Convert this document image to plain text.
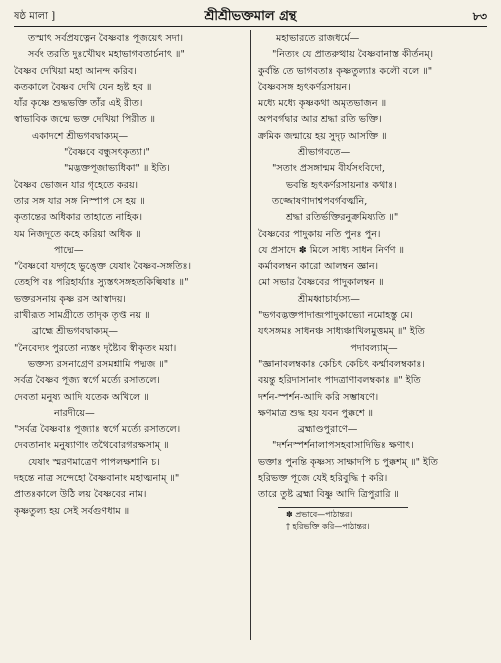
ষষ্ঠ মালা ]	শ্রীশ্রীভক্তমাল গ্রন্থ	৮৩
তস্মাৎ সর্বপ্রযত্নেন বৈষ্ণবাঃ পূজয়েৎ সদা।
সর্বং তরতি দুঃখৌঘং মহাভাগবতার্চনাৎ ॥"
বৈষ্ণব দেখিয়া মহা আনন্দ করিব।
কতকালে বৈষ্ণব দেখি যেন হৃষ্ট হব ॥
যাঁর কৃষ্ণে শুদ্ধভক্তি তাঁর এই রীত।
স্বাভাবিক জন্মে ভক্ত দেখিয়া পিরীত ॥
একাদশে শ্রীভগবদ্বাক্যম্—
"বৈষ্ণবে বন্ধুসৎকৃত্যা।"
"মদ্ভক্তপূজাভ্যধিকা" ॥ ইতি।
বৈষ্ণব ভোজন যার গৃহেতে করয়।
তার সঙ্গ যার সঙ্গ নিস্পাপ সে হয় ॥
কৃতান্তের অধিকার তাহাতে নাহিক।
যম নিজদূতে কহে করিয়া অধিক ॥
পাদ্মে—
"বৈষ্ণবো যদ্গৃহে ভুঙ্ক্তে যেষাং বৈষ্ণব-সঙ্গতিঃ।
তেহপি বঃ পরিহার্য্যাঃ স্যুস্তৎসঙ্গহতকিল্বিষাঃ ॥"
ভক্তরসনায় কৃষ্ণ রস আস্বাদয়।
রাখীরূত সামগ্রীতে তাদৃক তৃপ্ত নয় ॥
ব্রাহ্মে শ্রীভগবদ্বাক্যম্—
"নৈবেদ্যং পুরতো ন্যস্তং দৃষ্ট্যৈব স্বীকৃতং ময়া।
ভক্তস্য রসনাগ্রেণ রসমশ্নামি পদ্মজ ॥"
সর্বত্র বৈষ্ণব পূজ্য স্বর্গে মর্ত্যে রসাতলে।
দেবতা মনুষ্য আদি যতেক অখিলে ॥
নারদীয়ে—
"সর্বত্র বৈষ্ণবাঃ পূজ্যাঃ স্বর্গে মর্ত্যে রসাতলে।
দেবতানাং মনুষ্যাণাং তথৈবোরগরক্ষসাম্ ॥
যেষাং স্মরণমাত্রেণ পাপলক্ষশানি চ।
দহন্তে নাত্র সন্দেহো বৈষ্ণবানাং মহাত্মনাম্ ॥"
প্রাতঃকালে উঠি লয় বৈষ্ণবের নাম।
কৃষ্ণতুল্য হয় সেই সর্বগুণধাম ॥
মহাভারতে রাজধর্মে—
"নিত্যং যে প্রাতরুত্থায় বৈষ্ণবানাস্ত কীর্তনম্।
কুর্বন্তি তে ভাগবতাঃ কৃষ্ণতুল্যাঃ কলৌ বলে ॥"
বৈষ্ণবসঙ্গ হৃৎকর্ণরসায়ন।
মধ্যে মধ্যে কৃষ্ণকথা অমৃতভাজন ॥
অপবর্গদ্বার আর শ্রদ্ধা রতি ভক্তি।
ক্রমিক জন্মায়ে হয় সুদৃঢ় আসক্তি ॥
শ্রীভাগবতে—
"সতাং প্রসঙ্গান্মম বীর্যসংবিদো,
ভবন্তি হৃৎকর্ণরসায়নাঃ কথাঃ।
তজ্জোষণাদাশ্বপবর্গবর্ত্মনি,
শ্রদ্ধা রতির্ভক্তিরনুক্রমিষ্যতি ॥"
বৈষ্ণবের পাদুকায় নতি পুনঃ পুন।
যে প্রসাদে ✽ মিলে সাধ্য সাধন নির্ণণ ॥
কর্মাবলম্বন কারো আলম্বন জ্ঞান।
মো সভার বৈষ্ণবের পাদুকালম্বন ॥
শ্রীমধ্বাচার্য্যস্য—
"ভগবদ্ভক্তপাদাব্জপাদুকাভ্যো নমোহস্তু মে।
যৎসঙ্গমঃ সাধনঞ্চ সাধ্যঞ্চাখিলমুত্তমম্ ॥" ইতি
পদাবল্যাম্—
"জ্ঞানাবলম্বকাঃ কেচিৎ কেচিৎ কর্ম্মাবলম্বকাঃ।
বয়ন্তু হরিদাসানাং পাদত্রাণাবলম্বকাঃ ॥" ইতি
দর্শন-স্পর্শন-আদি করি সম্ভাষণে।
ক্ষণমাত্র শুদ্ধ হয় যবন পুক্কশে ॥
ব্রহ্মাণ্ডপুরাণে—
"দর্শনস্পর্শনালাপসহবাসাদিভিঃ ক্ষণাৎ।
ভক্তাঃ পুনন্তি কৃষ্ণস্য সাক্ষাদপি চ পুক্কশম্ ॥" ইতি
হরিভক্ত পূজে যেই হরিবুদ্ধি † করি।
তারে তুষ্ট ব্রহ্মা বিষ্ণু আদি ত্রিপুরারি ॥
✽ প্রভাবে—পাঠান্তর।
† হরিভক্তি করি—পাঠান্তর।
